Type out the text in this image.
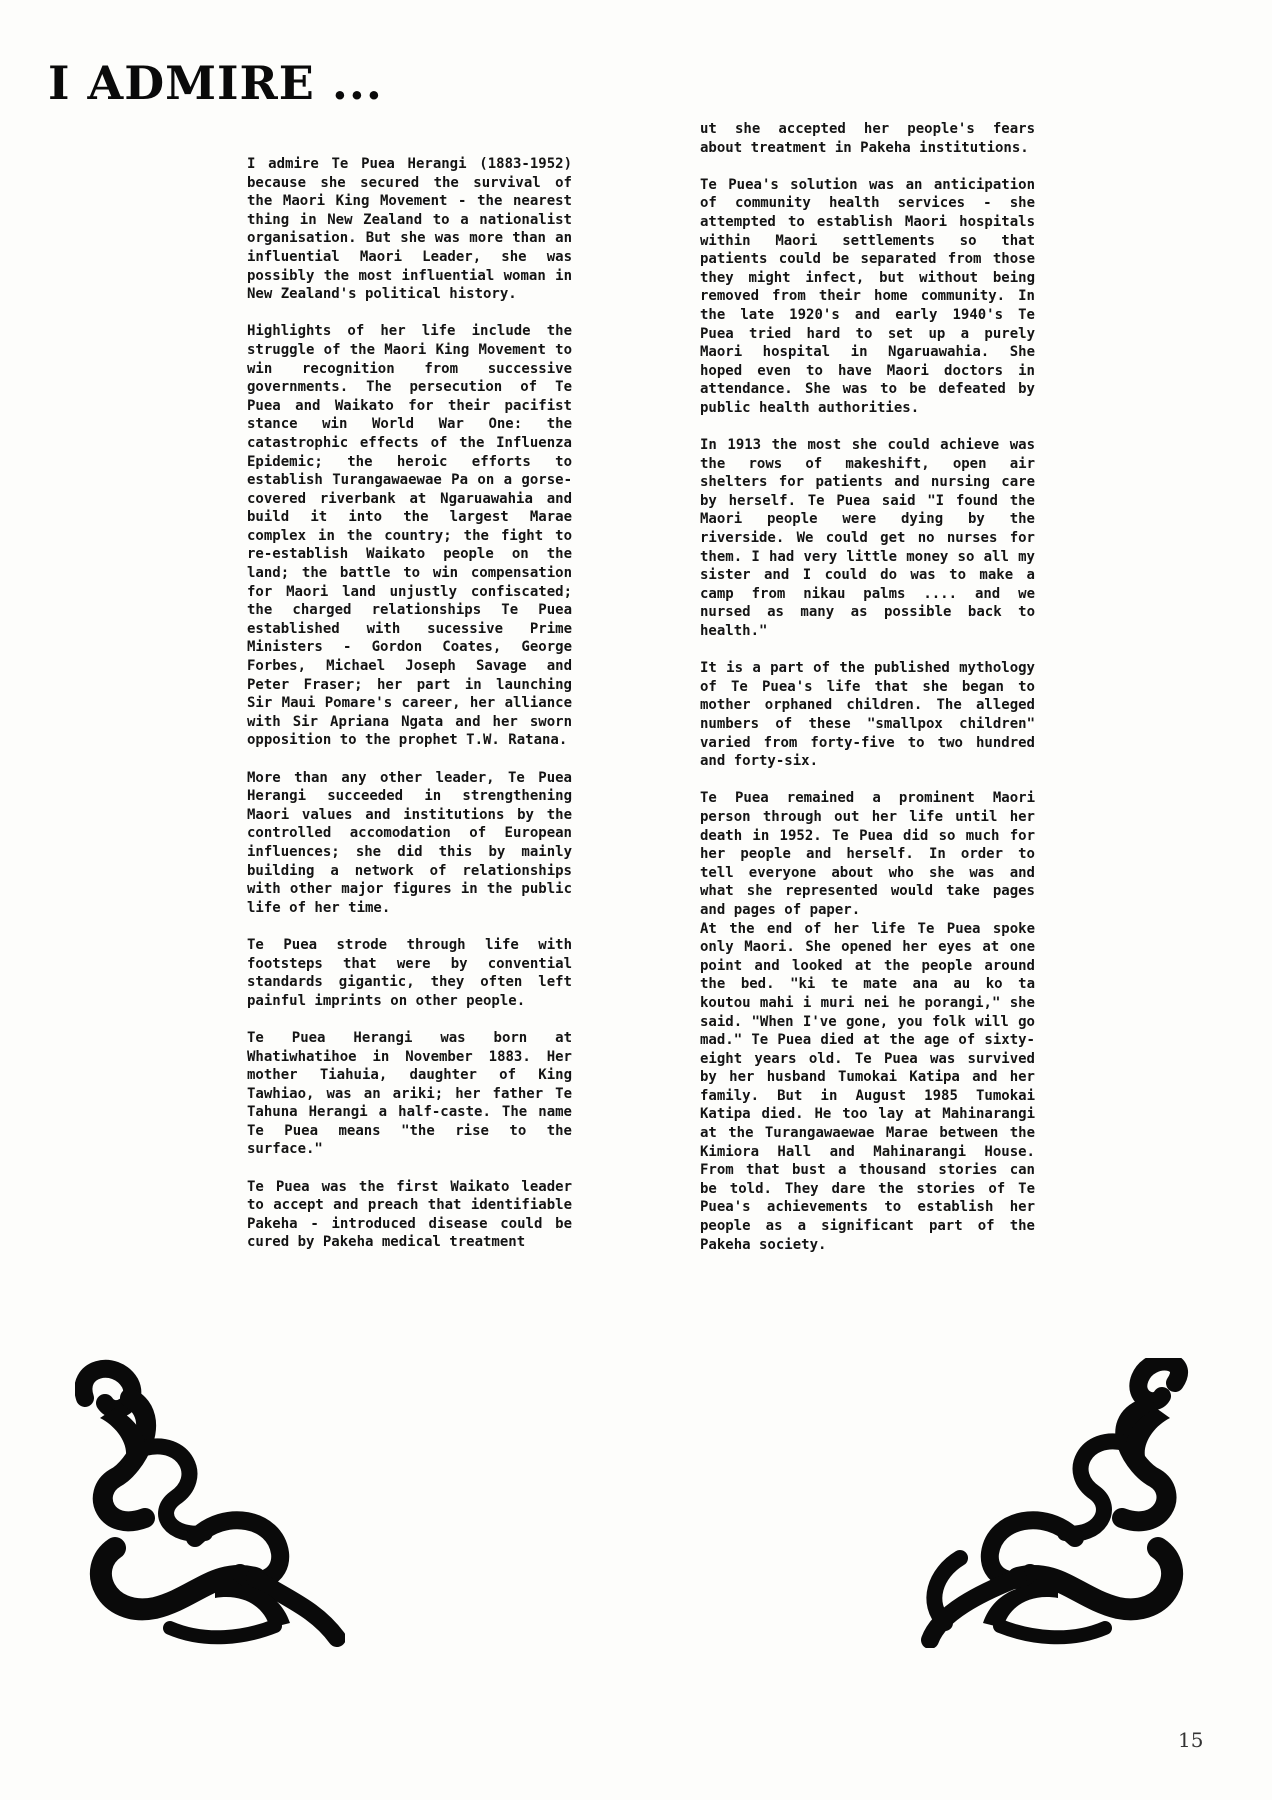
I ADMIRE ...

I admire Te Puea Herangi (1883-1952) because she secured the survival of the Maori King Movement - the nearest thing in New Zealand to a nationalist organisation. But she was more than an influential Maori Leader, she was possibly the most influential woman in New Zealand's political history.

Highlights of her life include the struggle of the Maori King Movement to win recognition from successive governments. The persecution of Te Puea and Waikato for their pacifist stance win World War One: the catastrophic effects of the Influenza Epidemic; the heroic efforts to establish Turangawaewae Pa on a gorse-covered riverbank at Ngaruawahia and build it into the largest Marae complex in the country; the fight to re-establish Waikato people on the land; the battle to win compensation for Maori land unjustly confiscated; the charged relationships Te Puea established with sucessive Prime Ministers - Gordon Coates, George Forbes, Michael Joseph Savage and Peter Fraser; her part in launching Sir Maui Pomare's career, her alliance with Sir Apriana Ngata and her sworn opposition to the prophet T.W. Ratana.

More than any other leader, Te Puea Herangi succeeded in strengthening Maori values and institutions by the controlled accomodation of European influences; she did this by mainly building a network of relationships with other major figures in the public life of her time.

Te Puea strode through life with footsteps that were by convential standards gigantic, they often left painful imprints on other people.

Te Puea Herangi was born at Whatiwhatihoe in November 1883. Her mother Tiahuia, daughter of King Tawhiao, was an ariki; her father Te Tahuna Herangi a half-caste. The name Te Puea means "the rise to the surface."

Te Puea was the first Waikato leader to accept and preach that identifiable Pakeha - introduced disease could be cured by Pakeha medical treatment

ut she accepted her people's fears about treatment in Pakeha institutions.

Te Puea's solution was an anticipation of community health services - she attempted to establish Maori hospitals within Maori settlements so that patients could be separated from those they might infect, but without being removed from their home community. In the late 1920's and early 1940's Te Puea tried hard to set up a purely Maori hospital in Ngaruawahia. She hoped even to have Maori doctors in attendance. She was to be defeated by public health authorities.

In 1913 the most she could achieve was the rows of makeshift, open air shelters for patients and nursing care by herself. Te Puea said "I found the Maori people were dying by the riverside. We could get no nurses for them. I had very little money so all my sister and I could do was to make a camp from nikau palms .... and we nursed as many as possible back to health."

It is a part of the published mythology of Te Puea's life that she began to mother orphaned children. The alleged numbers of these "smallpox children" varied from forty-five to two hundred and forty-six.

Te Puea remained a prominent Maori person through out her life until her death in 1952. Te Puea did so much for her people and herself. In order to tell everyone about who she was and what she represented would take pages and pages of paper.

At the end of her life Te Puea spoke only Maori. She opened her eyes at one point and looked at the people around the bed. "ki te mate ana au ko ta koutou mahi i muri nei he porangi," she said. "When I've gone, you folk will go mad." Te Puea died at the age of sixty-eight years old. Te Puea was survived by her husband Tumokai Katipa and her family. But in August 1985 Tumokai Katipa died. He too lay at Mahinarangi at the Turangawaewae Marae between the Kimiora Hall and Mahinarangi House. From that bust a thousand stories can be told. They dare the stories of Te Puea's achievements to establish her people as a significant part of the Pakeha society.

15
